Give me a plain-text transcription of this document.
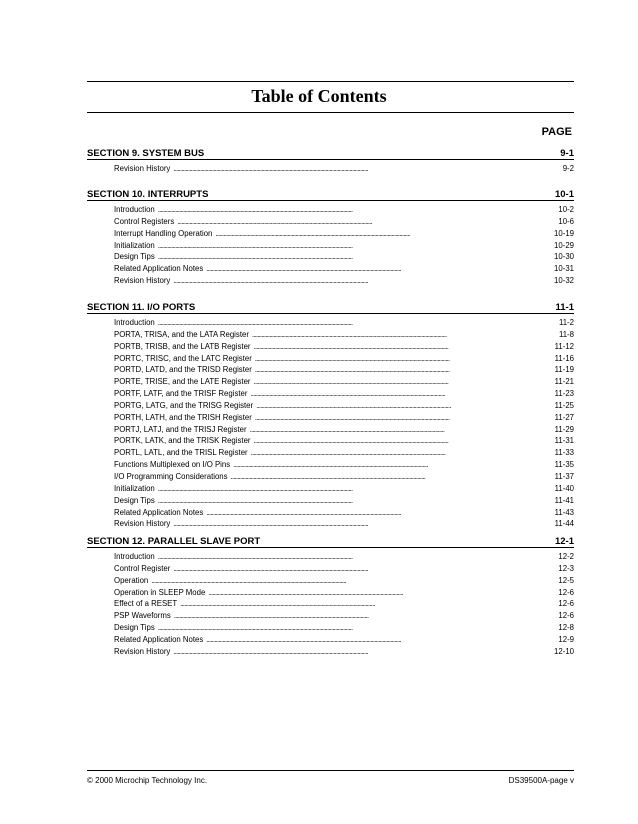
Table of Contents
PAGE
SECTION 9. SYSTEM BUS	9-1
Revision History . . .	9-2
SECTION 10. INTERRUPTS	10-1
Introduction . . .	10-2
Control Registers . . .	10-6
Interrupt Handling Operation . . .	10-19
Initialization . . .	10-29
Design Tips . . .	10-30
Related Application Notes . . .	10-31
Revision History . . .	10-32
SECTION 11. I/O PORTS	11-1
Introduction . . .	11-2
PORTA, TRISA, and the LATA Register . . .	11-8
PORTB, TRISB, and the LATB Register . . .	11-12
PORTC, TRISC, and the LATC Register . . .	11-16
PORTD, LATD, and the TRISD Register . . .	11-19
PORTE, TRISE, and the LATE Register . . .	11-21
PORTF, LATF, and the TRISF Register . . .	11-23
PORTG, LATG, and the TRISG Register . . .	11-25
PORTH, LATH, and the TRISH Register . . .	11-27
PORTJ, LATJ, and the TRISJ Register . . .	11-29
PORTK, LATK, and the TRISK Register . . .	11-31
PORTL, LATL, and the TRISL Register . . .	11-33
Functions Multiplexed on I/O Pins . . .	11-35
I/O Programming Considerations . . .	11-37
Initialization . . .	11-40
Design Tips . . .	11-41
Related Application Notes . . .	11-43
Revision History . . .	11-44
SECTION 12. PARALLEL SLAVE PORT	12-1
Introduction . . .	12-2
Control Register . . .	12-3
Operation . . .	12-5
Operation in SLEEP Mode . . .	12-6
Effect of a RESET . . .	12-6
PSP Waveforms . . .	12-6
Design Tips . . .	12-8
Related Application Notes . . .	12-9
Revision History . . .	12-10
© 2000 Microchip Technology Inc.	DS39500A-page v
